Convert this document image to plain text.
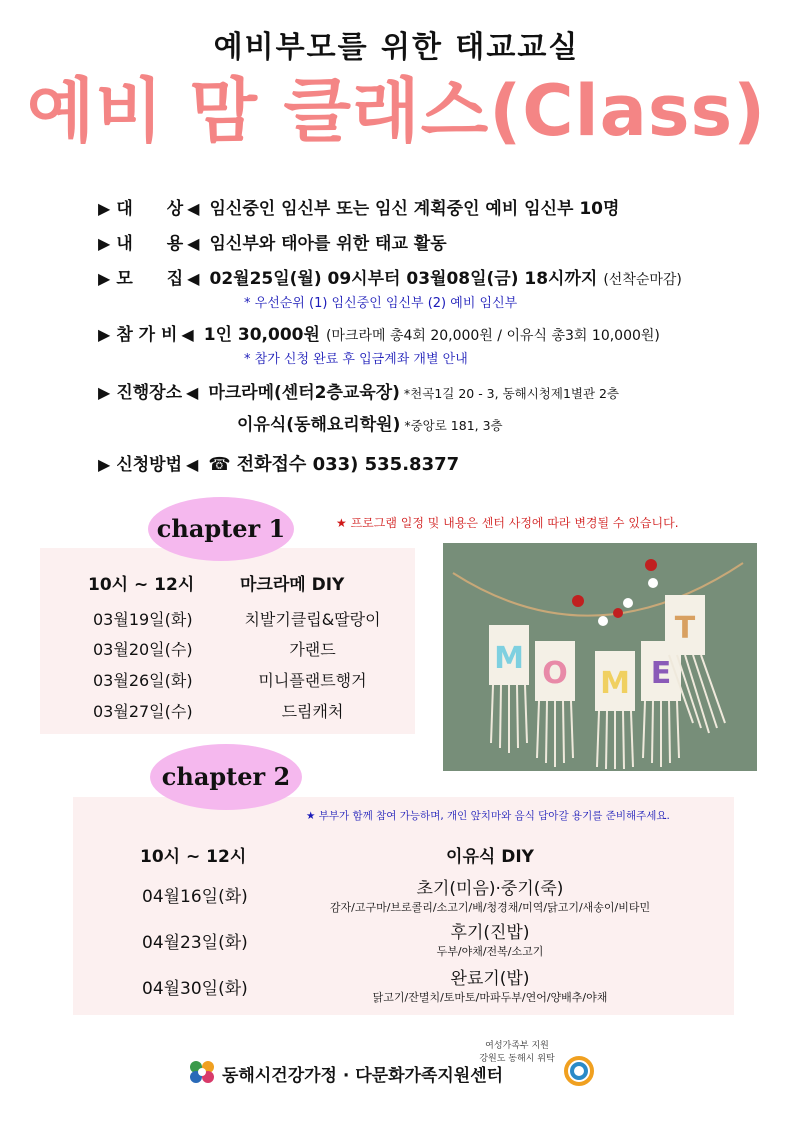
예비부모를 위한 태교교실
예비 맘 클래스(Class)
▶ 대　　상 ◀ 임신중인 임신부 또는 임신 계획중인 예비 임신부 10명
▶ 내　　용 ◀ 임신부와 태아를 위한 태교 활동
▶ 모　　집 ◀ 02월25일(월) 09시부터 03월08일(금) 18시까지 (선착순마감)
* 우선순위 (1) 임신중인 임신부 (2) 예비 임신부
▶ 참 가 비 ◀ 1인 30,000원 (마크라메 총4회 20,000원 / 이유식 총3회 10,000원)
* 참가 신청 완료 후 입금계좌 개별 안내
▶ 진행장소 ◀ 마크라메(센터2층교육장) *천곡1길 20 - 3, 동해시청제1별관 2층
이유식(동해요리학원) *중앙로 181, 3층
▶ 신청방법 ◀ ☎ 전화접수 033) 535.8377
★ 프로그램 일정 및 내용은 센터 사정에 따라 변경될 수 있습니다.
chapter 1
10시 ~ 12시	마크라메 DIY
03월19일(화)	치발기클립&딸랑이
03월20일(수)	가랜드
03월26일(화)	미니플랜트행거
03월27일(수)	드림캐처
M O M E
T
chapter 2
★ 부부가 함께 참여 가능하며, 개인 앞치마와 음식 담아갈 용기를 준비해주세요.
10시 ~ 12시	이유식 DIY
04월16일(화)	초기(미음)·중기(죽)
감자/고구마/브로콜리/소고기/배/청경채/미역/닭고기/새송이/비타민
04월23일(화)	후기(진밥)
두부/야채/전복/소고기
04월30일(화)	완료기(밥)
닭고기/잔멸치/토마토/마파두부/연어/양배추/야채
여성가족부 지원
강원도 동해시 위탁
동해시건강가정 · 다문화가족지원센터
